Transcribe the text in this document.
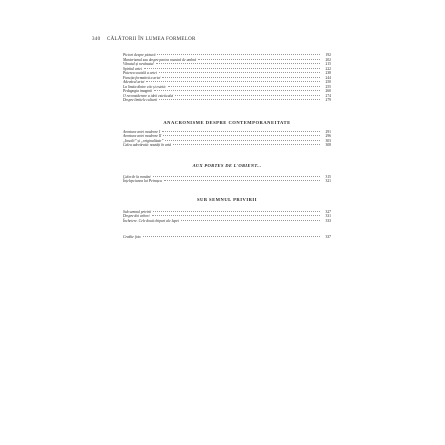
340 CĂLĂTORII ÎN LUMEA FORMELOR
Pictori despre pictură	192
Manierismul sau despre partea noastră de umbră	202
Vânatul și nevânatul	215
Spiritul artei	222
Puterea socială a artei	238
Funcția formativă a artei	244
Adevărul artei	250
La limita dintre etic și estetic	255
Pedagogia imaginii	260
O reconsiderare a ideii esteticului	274
Despre limitele culturii	279
ANACRONISME DESPRE CONTEMPORANEITATE
Aventura artei moderne I	291
Aventura artei moderne II	296
„Insolit” și „originalitate”	303
Calea adevărată: noutăți în artă	308
AUX PORTES DE L'ORIENT...
Culorile la români	315
Înțelepciunea lui Petrașcu	321
SUB SEMNUL PRIVIRII
Sub semnul privirii	327
Despre doi arbori	331
Încheiere. Cele două chipuri ale lupei	333
Credite foto	337
